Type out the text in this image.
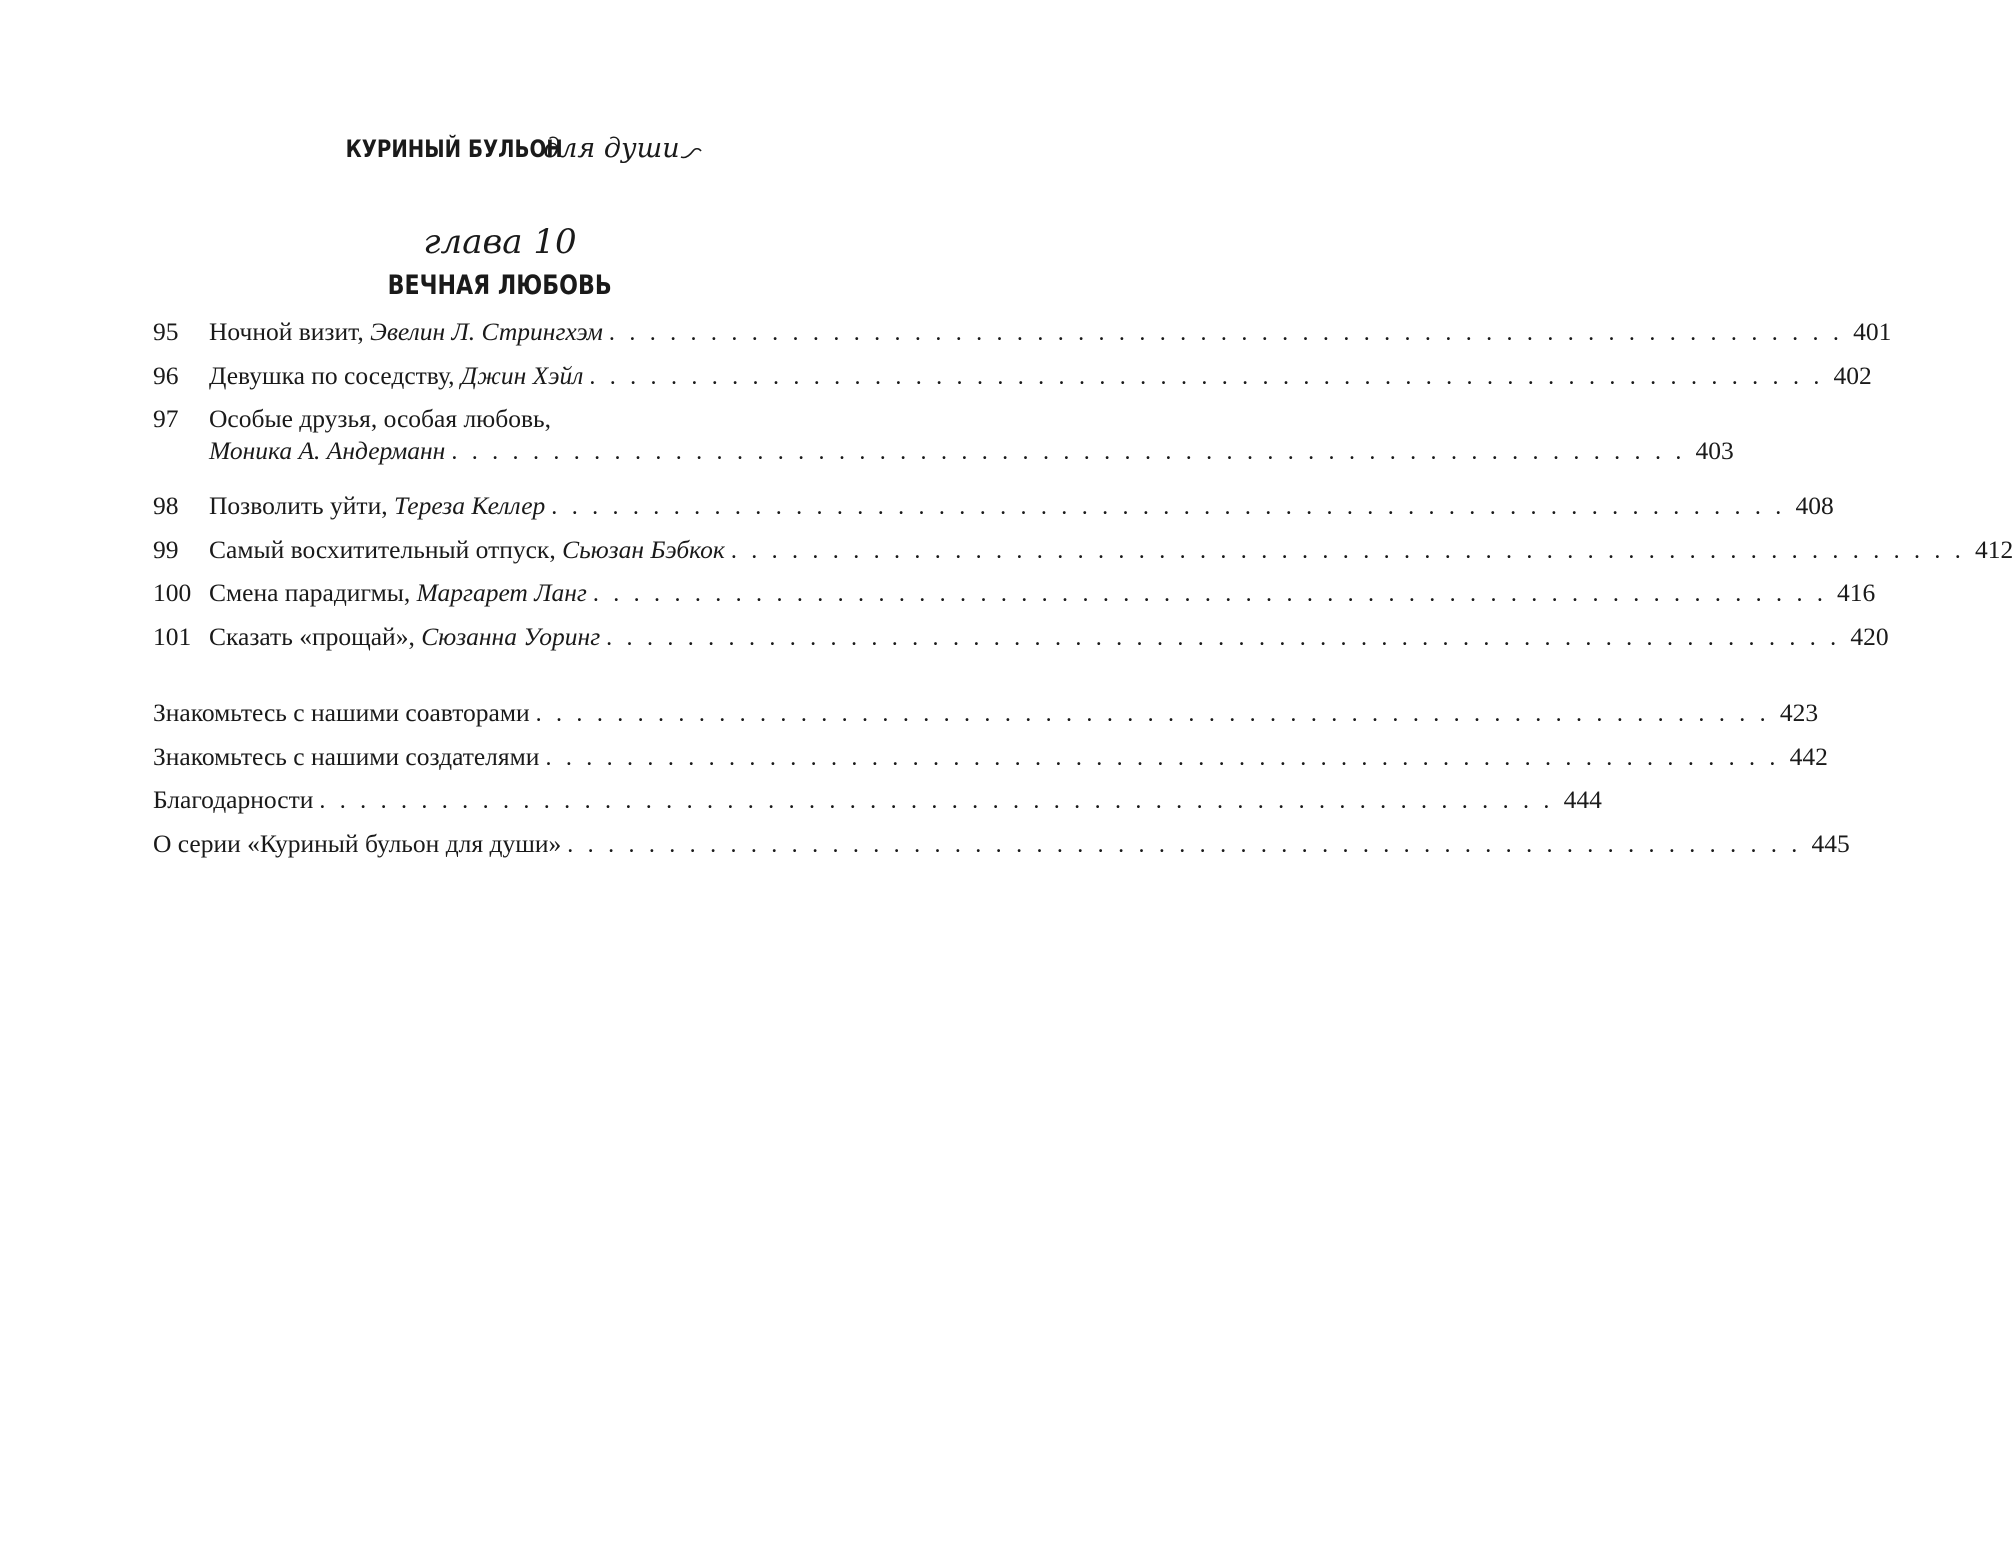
КУРИНЫЙ БУЛЬОН для души
глава 10
ВЕЧНАЯ ЛЮБОВЬ
95	Ночной визит, Эвелин Л. Стрингхэм . . . . . . . . . . . . . . . . . . . . . . . . . . . . . . . . . . . . . . . . . . . . . . . . . . . . . . . . . . . . . 401
96	Девушка по соседству, Джин Хэйл . . . . . . . . . . . . . . . . . . . . . . . . . . . . . . . . . . . . . . . . . . . . . . . . . . . . . . . . . . . . . 402
97	Особые друзья, особая любовь,
Моника А. Андерманн . . . . . . . . . . . . . . . . . . . . . . . . . . . . . . . . . . . . . . . . . . . . . . . . . . . . . . . . . . . . . 403
98	Позволить уйти, Тереза Келлер . . . . . . . . . . . . . . . . . . . . . . . . . . . . . . . . . . . . . . . . . . . . . . . . . . . . . . . . . . . . . 408
99	Самый восхитительный отпуск, Сьюзан Бэбкок . . . . . . . . . . . . . . . . . . . . . . . . . . . . . . . . . . . . . . . . . . . . . . . . . . . . . . . . . . . . . 412
100 Смена парадигмы, Маргарет Ланг . . . . . . . . . . . . . . . . . . . . . . . . . . . . . . . . . . . . . . . . . . . . . . . . . . . . . . . . . . . . . 416
101 Сказать «прощай», Сюзанна Уоринг . . . . . . . . . . . . . . . . . . . . . . . . . . . . . . . . . . . . . . . . . . . . . . . . . . . . . . . . . . . . . 420
Знакомьтесь с нашими соавторами . . . . . . . . . . . . . . . . . . . . . . . . . . . . . . . . . . . . . . . . . . . . . . . . . . . . . . . . . . . . . 423
Знакомьтесь с нашими создателями . . . . . . . . . . . . . . . . . . . . . . . . . . . . . . . . . . . . . . . . . . . . . . . . . . . . . . . . . . . . . 442
Благодарности . . . . . . . . . . . . . . . . . . . . . . . . . . . . . . . . . . . . . . . . . . . . . . . . . . . . . . . . . . . . . 444
О серии «Куриный бульон для души» . . . . . . . . . . . . . . . . . . . . . . . . . . . . . . . . . . . . . . . . . . . . . . . . . . . . . . . . . . . . . 445
